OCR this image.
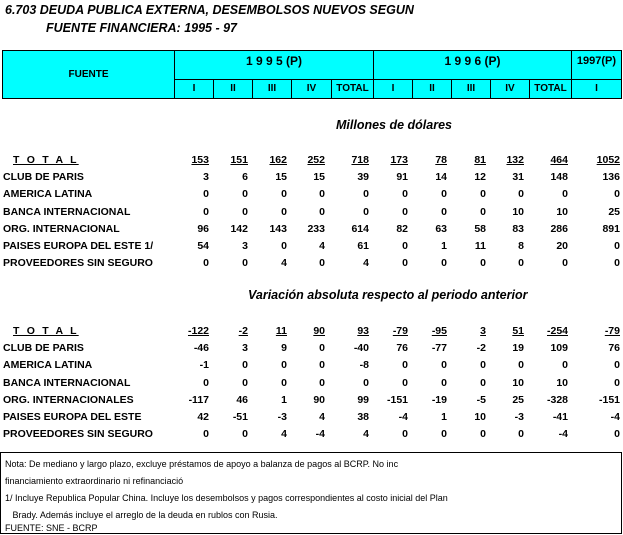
6.703 DEUDA PUBLICA EXTERNA, DESEMBOLSOS NUEVOS SEGUN
FUENTE FINANCIERA: 1995 - 97
FUENTE
1 9 9 5 (P)	1 9 9 6 (P)	1997(P)
I	II	III	IV	TOTAL	I	II	III	IV	TOTAL	I
Millones de dólares
T O T A L	153 151 162 252	718 173	78	81 132	464	1052
CLUB DE PARIS	3	6	15	15	39	91	14	12	31	148	136
AMERICA LATINA	0	0	0	0	0	0	0	0	0	0	0
BANCA INTERNACIONAL	0	0	0	0	0	0	0	0	10	10	25
ORG. INTERNACIONAL	96 142 143 233	614	82	63	58	83	286	891
PAISES EUROPA DEL ESTE 1/	54	3	0	4	61	0	1	11	8	20	0
PROVEEDORES SIN SEGURO	0	0	4	0	4	0	0	0	0	0	0
Variación absoluta respecto al periodo anterior
T O T A L	-122	-2	11	90	93 -79 -95	3	51 -254	-79
CLUB DE PARIS	-46	3	9	0	-40	76 -77	-2	19	109	76
AMERICA LATINA	-1	0	0	0	-8	0	0	0	0	0	0
BANCA INTERNACIONAL	0	0	0	0	0	0	0	0	10	10	0
ORG. INTERNACIONALES	-117	46	1	90	99 -151 -19	-5	25 -328	-151
PAISES EUROPA DEL ESTE	42 -51	-3	4	38	-4	1	10	-3	-41	-4
PROVEEDORES SIN SEGURO	0	0	4	-4	4	0	0	0	0	-4	0
Nota: De mediano y largo plazo, excluye préstamos de apoyo a balanza de pagos al BCRP. No inc
financiamiento extraordinario ni refinanciació
1/ Incluye Republica Popular China. Incluye los desembolsos y pagos correspondientes al costo inicial del Plan
Brady. Además incluye el arreglo de la deuda en rublos con Rusia.
FUENTE: SNE - BCRP
